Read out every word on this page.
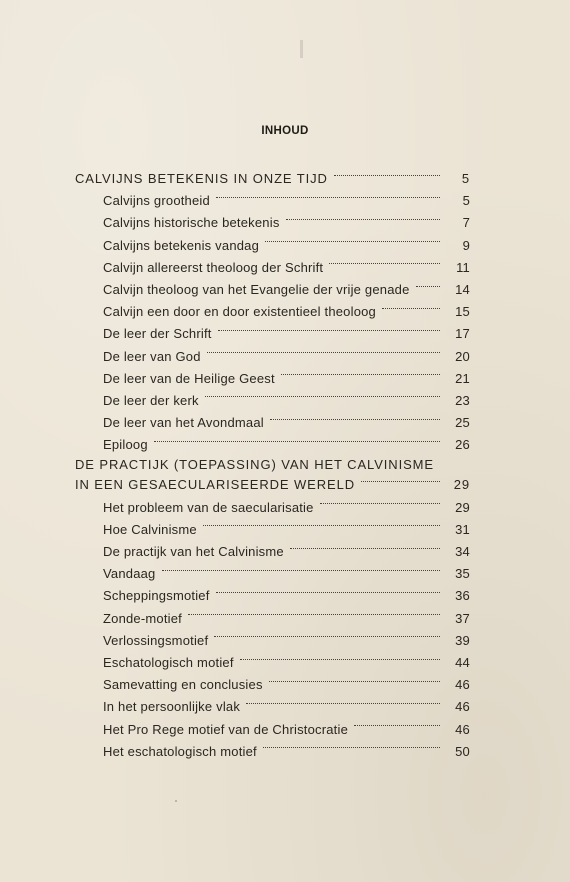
INHOUD
CALVIJNS BETEKENIS IN ONZE TIJD	5
Calvijns grootheid	5
Calvijns historische betekenis	7
Calvijns betekenis vandag	9
Calvijn allereerst theoloog der Schrift	11
Calvijn theoloog van het Evangelie der vrije genade	14
Calvijn een door en door existentieel theoloog	15
De leer der Schrift	17
De leer van God	20
De leer van de Heilige Geest	21
De leer der kerk	23
De leer van het Avondmaal	25
Epiloog	26
DE PRACTIJK (TOEPASSING) VAN HET CALVINISME
IN EEN GESAECULARISEERDE WERELD	29
Het probleem van de saecularisatie	29
Hoe Calvinisme	31
De practijk van het Calvinisme	34
Vandaag	35
Scheppingsmotief	36
Zonde-motief	37
Verlossingsmotief	39
Eschatologisch motief	44
Samevatting en conclusies	46
In het persoonlijke vlak	46
Het Pro Rege motief van de Christocratie	46
Het eschatologisch motief	50
